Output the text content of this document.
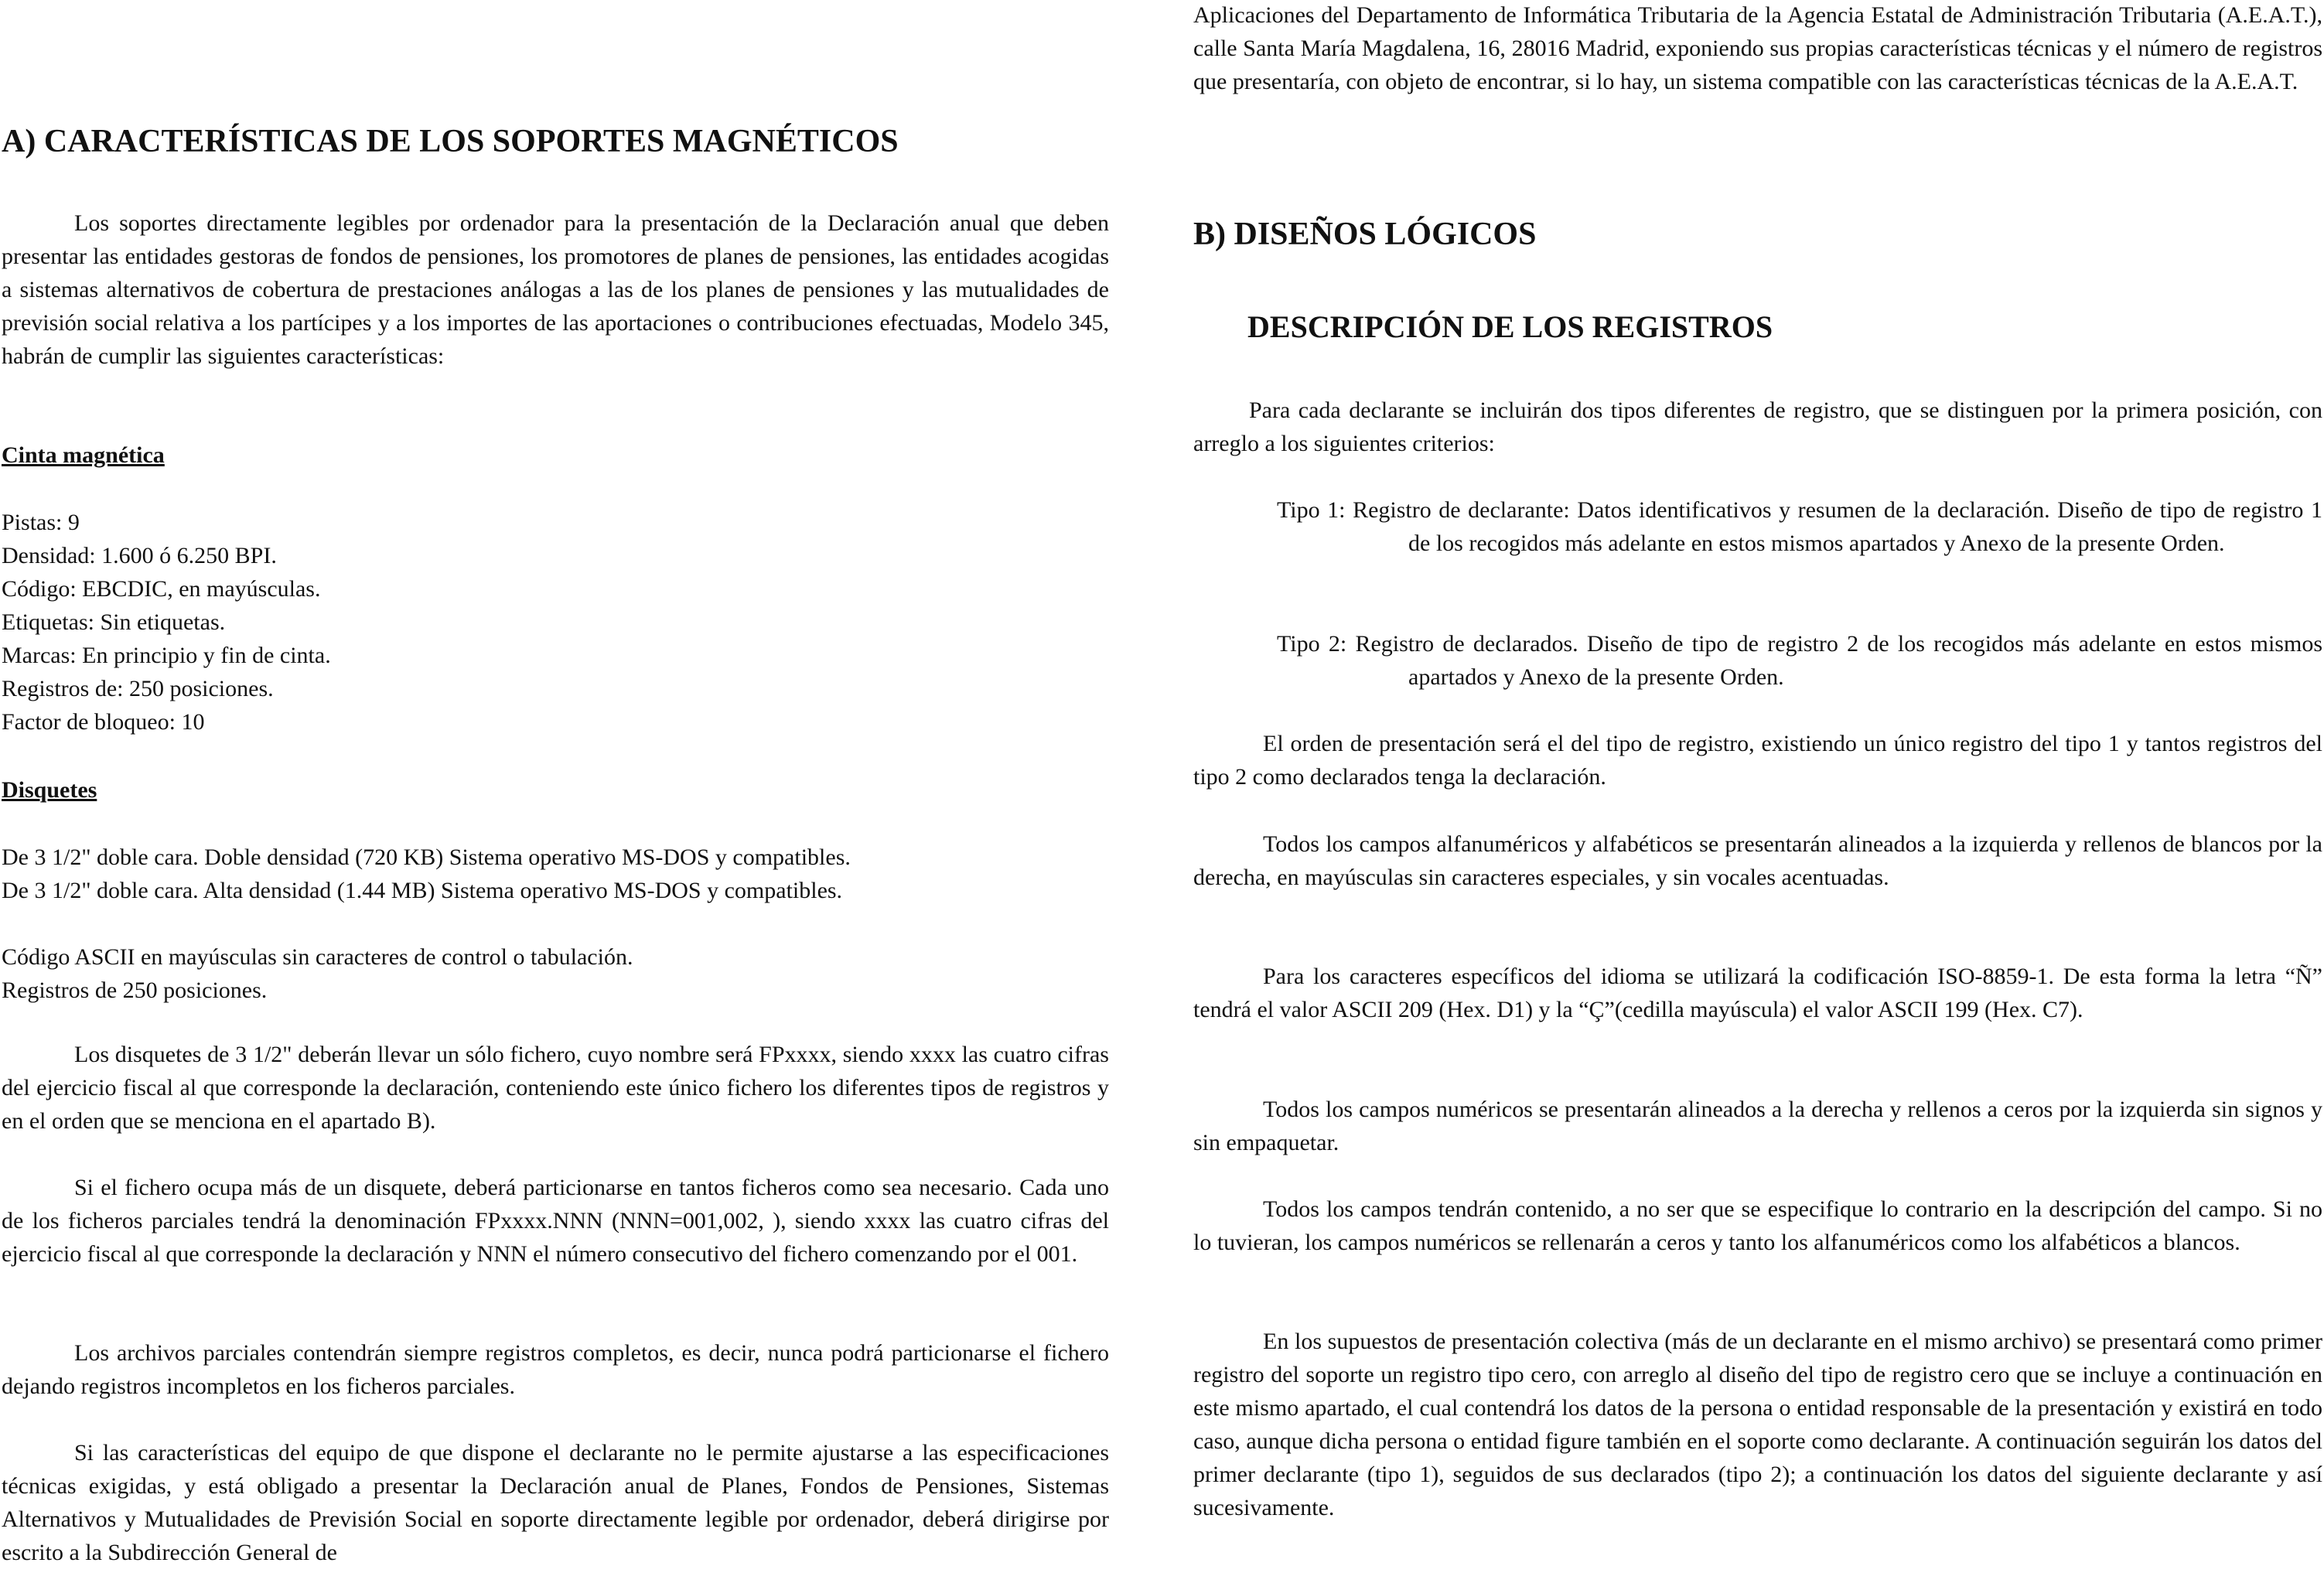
A) CARACTERÍSTICAS DE LOS SOPORTES MAGNÉTICOS

Los soportes directamente legibles por ordenador para la presentación de la Declaración anual que deben presentar las entidades gestoras de fondos de pensiones, los promotores de planes de pensiones, las entidades acogidas a sistemas alternativos de cobertura de prestaciones análogas a las de los planes de pensiones y las mutualidades de previsión social relativa a los partícipes y a los importes de las aportaciones o contribuciones efectuadas, Modelo 345, habrán de cumplir las siguientes características:

Cinta magnética
Pistas: 9
Densidad: 1.600 ó 6.250 BPI.
Código: EBCDIC, en mayúsculas.
Etiquetas: Sin etiquetas.
Marcas: En principio y fin de cinta.
Registros de: 250 posiciones.
Factor de bloqueo: 10
Disquetes
De 3 1/2" doble cara. Doble densidad (720 KB) Sistema operativo MS-DOS y compatibles.
De 3 1/2" doble cara. Alta densidad (1.44 MB) Sistema operativo MS-DOS y compatibles.
Código ASCII en mayúsculas sin caracteres de control o tabulación.
Registros de 250 posiciones.

Los disquetes de 3 1/2" deberán llevar un sólo fichero, cuyo nombre será FPxxxx, siendo xxxx las cuatro cifras del ejercicio fiscal al que corresponde la declaración, conteniendo este único fichero los diferentes tipos de registros y en el orden que se menciona en el apartado B).

Si el fichero ocupa más de un disquete, deberá particionarse en tantos ficheros como sea necesario. Cada uno de los ficheros parciales tendrá la denominación FPxxxx.NNN (NNN=001,002, ), siendo xxxx las cuatro cifras del ejercicio fiscal al que corresponde la declaración y NNN el número consecutivo del fichero comenzando por el 001.

Los archivos parciales contendrán siempre registros completos, es decir, nunca podrá particionarse el fichero dejando registros incompletos en los ficheros parciales.

Si las características del equipo de que dispone el declarante no le permite ajustarse a las especificaciones técnicas exigidas, y está obligado a presentar la Declaración anual de Planes, Fondos de Pensiones, Sistemas Alternativos y Mutualidades de Previsión Social en soporte directamente legible por ordenador, deberá dirigirse por escrito a la Subdirección General de

Aplicaciones del Departamento de Informática Tributaria de la Agencia Estatal de Administración Tributaria (A.E.A.T.), calle Santa María Magdalena, 16, 28016 Madrid, exponiendo sus propias características técnicas y el número de registros que presentaría, con objeto de encontrar, si lo hay, un sistema compatible con las características técnicas de la A.E.A.T.

B) DISEÑOS LÓGICOS
DESCRIPCIÓN DE LOS REGISTROS

Para cada declarante se incluirán dos tipos diferentes de registro, que se distinguen por la primera posición, con arreglo a los siguientes criterios:

Tipo 1: Registro de declarante: Datos identificativos y resumen de la declaración. Diseño de tipo de registro 1 de los recogidos más adelante en estos mismos apartados y Anexo de la presente Orden.

Tipo 2: Registro de declarados. Diseño de tipo de registro 2 de los recogidos más adelante en estos mismos apartados y Anexo de la presente Orden.

El orden de presentación será el del tipo de registro, existiendo un único registro del tipo 1 y tantos registros del tipo 2 como declarados tenga la declaración.

Todos los campos alfanuméricos y alfabéticos se presentarán alineados a la izquierda y rellenos de blancos por la derecha, en mayúsculas sin caracteres especiales, y sin vocales acentuadas.

Para los caracteres específicos del idioma se utilizará la codificación ISO-8859-1. De esta forma la letra “Ñ” tendrá el valor ASCII 209 (Hex. D1) y la “Ç”(cedilla mayúscula) el valor ASCII 199 (Hex. C7).

Todos los campos numéricos se presentarán alineados a la derecha y rellenos a ceros por la izquierda sin signos y sin empaquetar.

Todos los campos tendrán contenido, a no ser que se especifique lo contrario en la descripción del campo. Si no lo tuvieran, los campos numéricos se rellenarán a ceros y tanto los alfanuméricos como los alfabéticos a blancos.

En los supuestos de presentación colectiva (más de un declarante en el mismo archivo) se presentará como primer registro del soporte un registro tipo cero, con arreglo al diseño del tipo de registro cero que se incluye a continuación en este mismo apartado, el cual contendrá los datos de la persona o entidad responsable de la presentación y existirá en todo caso, aunque dicha persona o entidad figure también en el soporte como declarante. A continuación seguirán los datos del primer declarante (tipo 1), seguidos de sus declarados (tipo 2); a continuación los datos del siguiente declarante y así sucesivamente.
